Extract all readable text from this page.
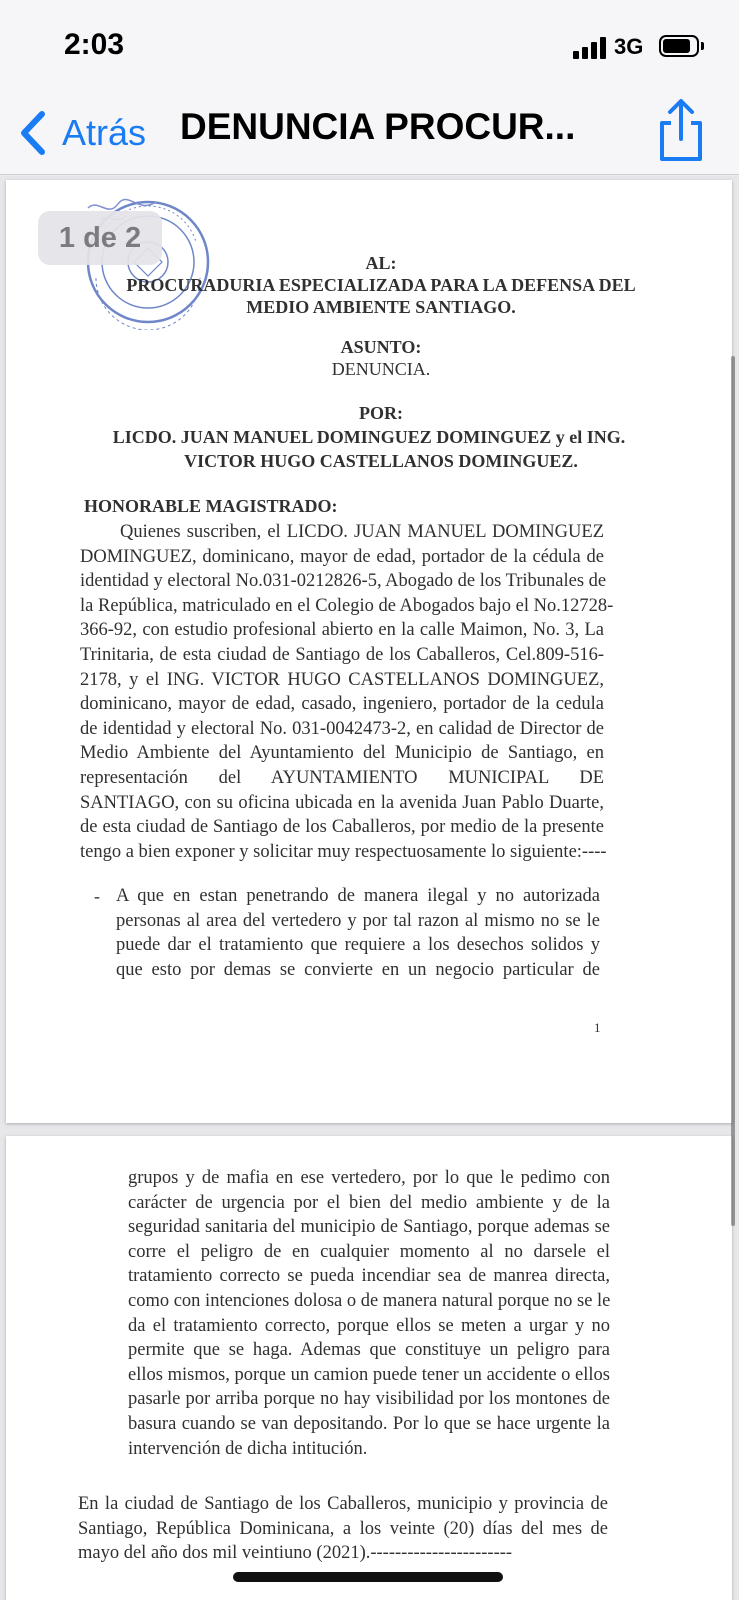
2:03	3G
Atrás DENUNCIA PROCUR...
AL:
PROCURADURIA ESPECIALIZADA PARA LA DEFENSA DEL
MEDIO AMBIENTE SANTIAGO.
ASUNTO:
DENUNCIA.
POR:
LICDO. JUAN MANUEL DOMINGUEZ DOMINGUEZ y el ING.
VICTOR HUGO CASTELLANOS DOMINGUEZ.
HONORABLE MAGISTRADO:
Quienes suscriben, el LICDO. JUAN MANUEL DOMINGUEZ
DOMINGUEZ, dominicano, mayor de edad, portador de la cédula de
identidad y electoral No.031-0212826-5, Abogado de los Tribunales de
la República, matriculado en el Colegio de Abogados bajo el No.12728-
366-92, con estudio profesional abierto en la calle Maimon, No. 3, La
Trinitaria, de esta ciudad de Santiago de los Caballeros, Cel.809-516-
2178, y el ING. VICTOR HUGO CASTELLANOS DOMINGUEZ,
dominicano, mayor de edad, casado, ingeniero, portador de la cedula
de identidad y electoral No. 031-0042473-2, en calidad de Director de
Medio Ambiente del Ayuntamiento del Municipio de Santiago, en
representación del AYUNTAMIENTO MUNICIPAL DE
SANTIAGO, con su oficina ubicada en la avenida Juan Pablo Duarte,
de esta ciudad de Santiago de los Caballeros, por medio de la presente
tengo a bien exponer y solicitar muy respectuosamente lo siguiente:----
- A que en estan penetrando de manera ilegal y no autorizada
personas al area del vertedero y por tal razon al mismo no se le
puede dar el tratamiento que requiere a los desechos solidos y
que esto por demas se convierte en un negocio particular de
1
grupos y de mafia en ese vertedero, por lo que le pedimo con
carácter de urgencia por el bien del medio ambiente y de la
seguridad sanitaria del municipio de Santiago, porque ademas se
corre el peligro de en cualquier momento al no darsele el
tratamiento correcto se pueda incendiar sea de manrea directa,
como con intenciones dolosa o de manera natural porque no se le
da el tratamiento correcto, porque ellos se meten a urgar y no
permite que se haga. Ademas que constituye un peligro para
ellos mismos, porque un camion puede tener un accidente o ellos
pasarle por arriba porque no hay visibilidad por los montones de
basura cuando se van depositando. Por lo que se hace urgente la
intervención de dicha intitución.
En la ciudad de Santiago de los Caballeros, municipio y provincia de
Santiago, República Dominicana, a los veinte (20) días del mes de
mayo del año dos mil veintiuno (2021).-----------------------
1 de 2
